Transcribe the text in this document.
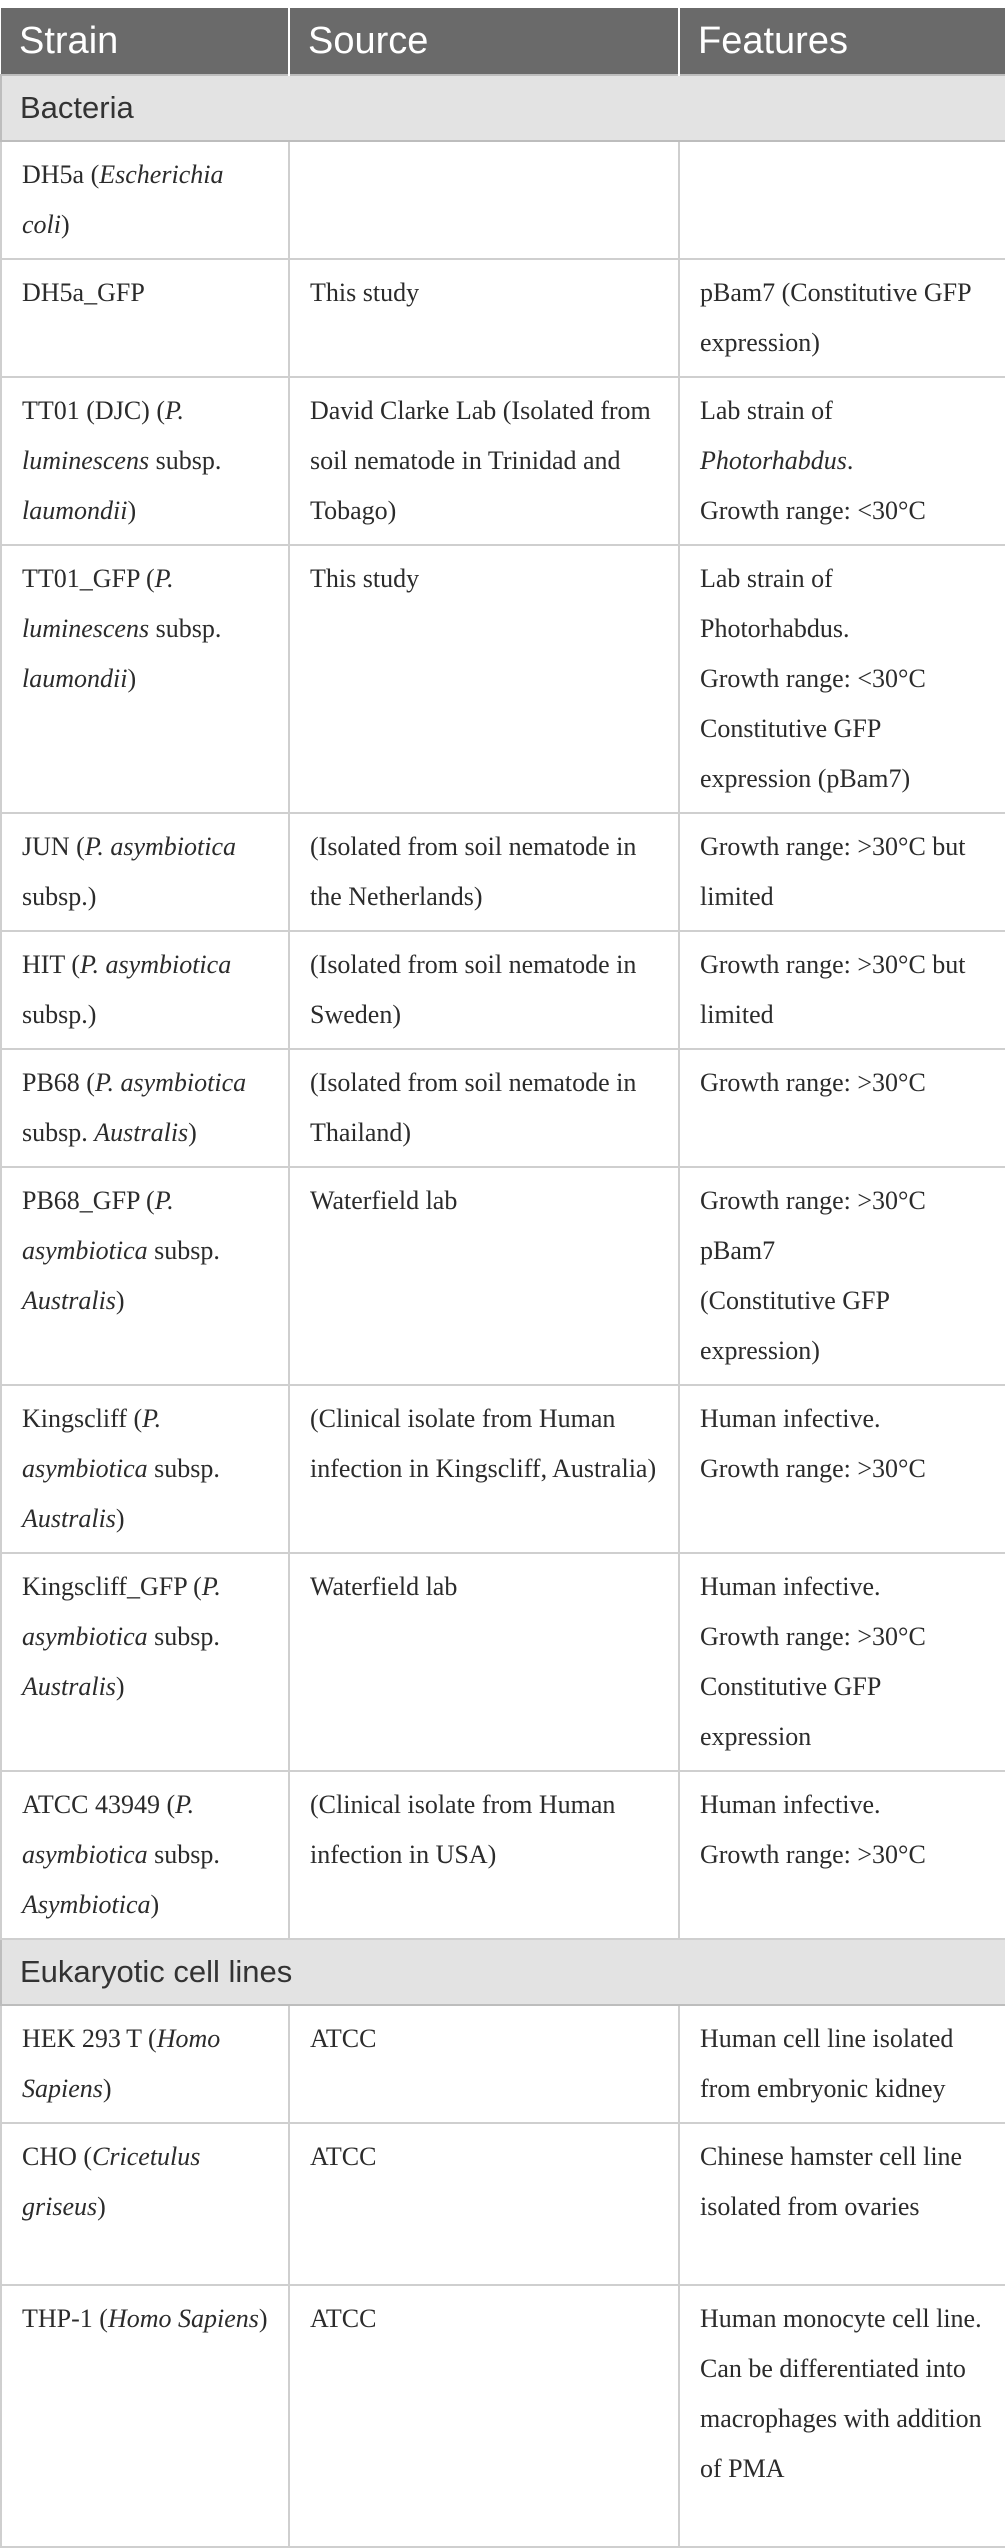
Strain	Source	Features
Bacteria		
DH5a (Escherichia coli)		
DH5a_GFP	This study	pBam7 (Constitutive GFP expression)
TT01 (DJC) (P. luminescens subsp. laumondii)	David Clarke Lab (Isolated from soil nematode in Trinidad and Tobago)	Lab strain of Photorhabdus.
Growth range: <30°C

TT01_GFP (P. luminescens subsp. laumondii)	This study	Lab strain of Photorhabdus.
Growth range: <30°C
Constitutive GFP expression (pBam7)

JUN (P. asymbiotica subsp.)	(Isolated from soil nematode in the Netherlands)	Growth range: >30°C but limited
HIT (P. asymbiotica subsp.)	(Isolated from soil nematode in Sweden)	Growth range: >30°C but limited
PB68 (P. asymbiotica subsp. Australis)	(Isolated from soil nematode in Thailand)	Growth range: >30°C
PB68_GFP (P. asymbiotica subsp. Australis)	Waterfield lab	Growth range: >30°C
pBam7
(Constitutive GFP expression)

Kingscliff (P. asymbiotica subsp. Australis)	(Clinical isolate from Human infection in Kingscliff, Australia)	Human infective.
Growth range: >30°C

Kingscliff_GFP (P. asymbiotica subsp. Australis)	Waterfield lab	Human infective.
Growth range: >30°C
Constitutive GFP expression

ATCC 43949 (P. asymbiotica subsp. Asymbiotica)	(Clinical isolate from Human infection in USA)	Human infective.
Growth range: >30°C

Eukaryotic cell lines		
HEK 293 T (Homo Sapiens)	ATCC	Human cell line isolated from embryonic kidney
CHO (Cricetulus griseus)	ATCC	Chinese hamster cell line isolated from ovaries
THP-1 (Homo Sapiens)	ATCC	Human monocyte cell line.
Can be differentiated into macrophages with addition of PMA
